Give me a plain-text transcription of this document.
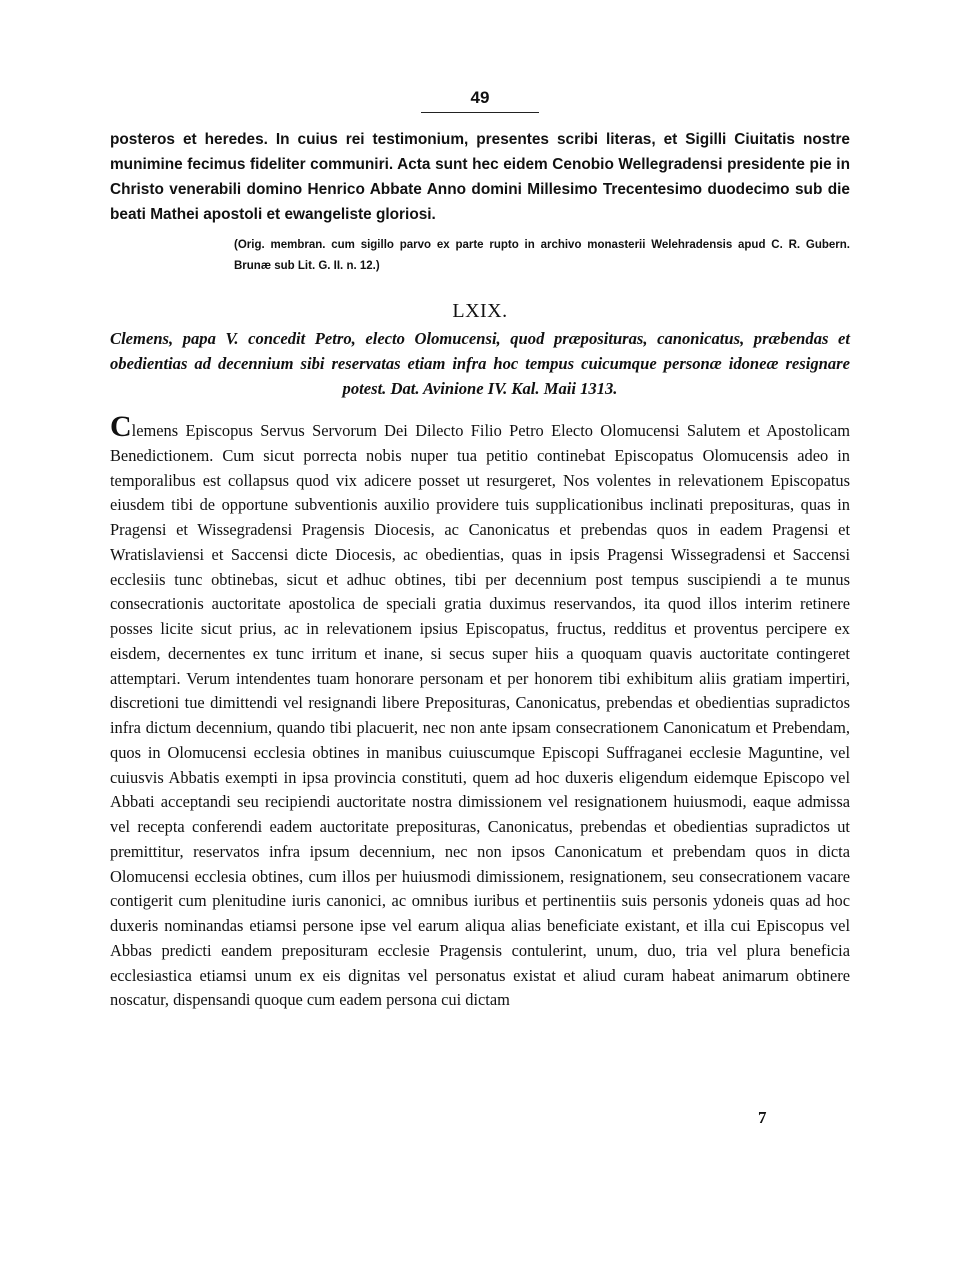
49

posteros et heredes. In cuius rei testimonium, presentes scribi literas, et Sigilli Ciuitatis nostre munimine fecimus fideliter communiri. Acta sunt hec eidem Cenobio Wellegradensi presidente pie in Christo venerabili domino Henrico Abbate Anno domini Millesimo Trecentesimo duodecimo sub die beati Mathei apostoli et ewangeliste gloriosi.

(Orig. membran. cum sigillo parvo ex parte rupto in archivo monasterii Welehradensis apud C. R. Gubern. Brunæ sub Lit. G. II. n. 12.)

LXIX.

Clemens, papa V. concedit Petro, electo Olomucensi, quod præposituras, canonicatus, præbendas et obedientias ad decennium sibi reservatas etiam infra hoc tempus cuicumque personæ idoneæ resignare potest. Dat. Avinione IV. Kal. Maii 1313.

Clemens Episcopus Servus Servorum Dei Dilecto Filio Petro Electo Olomucensi Salutem et Apostolicam Benedictionem. Cum sicut porrecta nobis nuper tua petitio continebat Episcopatus Olomucensis adeo in temporalibus est collapsus quod vix adicere posset ut resurgeret, Nos volentes in relevationem Episcopatus eiusdem tibi de opportune subventionis auxilio providere tuis supplicationibus inclinati preposituras, quas in Pragensi et Wissegradensi Pragensis Diocesis, ac Canonicatus et prebendas quos in eadem Pragensi et Wratislaviensi et Saccensi dicte Diocesis, ac obedientias, quas in ipsis Pragensi Wissegradensi et Saccensi ecclesiis tunc obtinebas, sicut et adhuc obtines, tibi per decennium post tempus suscipiendi a te munus consecrationis auctoritate apostolica de speciali gratia duximus reservandos, ita quod illos interim retinere posses licite sicut prius, ac in relevationem ipsius Episcopatus, fructus, redditus et proventus percipere ex eisdem, decernentes ex tunc irritum et inane, si secus super hiis a quoquam quavis auctoritate contingeret attemptari. Verum intendentes tuam honorare personam et per honorem tibi exhibitum aliis gratiam impertiri, discretioni tue dimittendi vel resignandi libere Preposituras, Canonicatus, prebendas et obedientias supradictos infra dictum decennium, quando tibi placuerit, nec non ante ipsam consecrationem Canonicatum et Prebendam, quos in Olomucensi ecclesia obtines in manibus cuiuscumque Episcopi Suffraganei ecclesie Maguntine, vel cuiusvis Abbatis exempti in ipsa provincia constituti, quem ad hoc duxeris eligendum eidemque Episcopo vel Abbati acceptandi seu recipiendi auctoritate nostra dimissionem vel resignationem huiusmodi, eaque admissa vel recepta conferendi eadem auctoritate preposituras, Canonicatus, prebendas et obedientias supradictos ut premittitur, reservatos infra ipsum decennium, nec non ipsos Canonicatum et prebendam quos in dicta Olomucensi ecclesia obtines, cum illos per huiusmodi dimissionem, resignationem, seu consecrationem vacare contigerit cum plenitudine iuris canonici, ac omnibus iuribus et pertinentiis suis personis ydoneis quas ad hoc duxeris nominandas etiamsi persone ipse vel earum aliqua alias beneficiate existant, et illa cui Episcopus vel Abbas predicti eandem preposituram ecclesie Pragensis contulerint, unum, duo, tria vel plura beneficia ecclesiastica etiamsi unum ex eis dignitas vel personatus existat et aliud curam habeat animarum obtinere noscatur, dispensandi quoque cum eadem persona cui dictam

7
